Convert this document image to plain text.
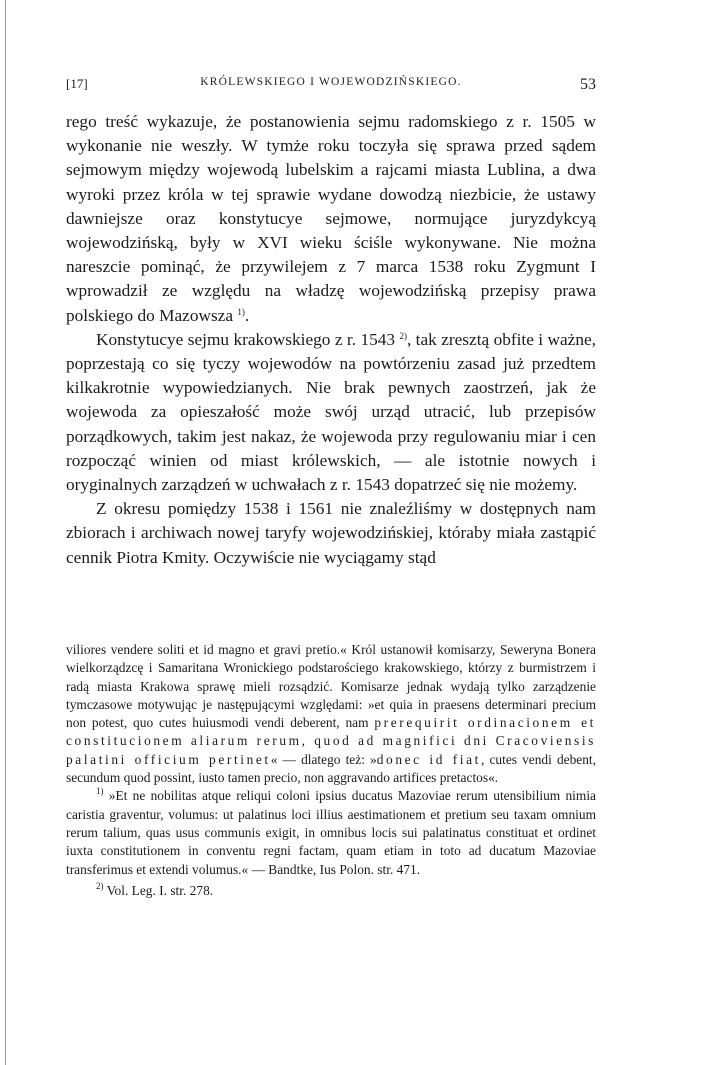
[17]	KRÓLEWSKIEGO I WOJEWODZIŃSKIEGO.	53

rego treść wykazuje, że postanowienia sejmu radomskiego z r. 1505 w wykonanie nie weszły. W tymże roku toczyła się sprawa przed sądem sejmowym między wojewodą lubelskim a rajcami miasta Lublina, a dwa wyroki przez króla w tej sprawie wydane dowodzą niezbicie, że ustawy dawniejsze oraz konstytucye sejmowe, normujące juryzdykcyą wojewodzińską, były w XVI wieku ściśle wykonywane. Nie można nareszcie pominąć, że przywilejem z 7 marca 1538 roku Zygmunt I wprowadził ze względu na władzę wojewodzińską przepisy prawa polskiego do Mazowsza $^{1)}$.

Konstytucye sejmu krakowskiego z r. 1543 $^{2)}$, tak zresztą obfite i ważne, poprzestają co się tyczy wojewodów na powtórzeniu zasad już przedtem kilkakrotnie wypowiedzianych. Nie brak pewnych zaostrzeń, jak że wojewoda za opieszałość może swój urząd utracić, lub przepisów porządkowych, takim jest nakaz, że wojewoda przy regulowaniu miar i cen rozpocząć winien od miast królewskich, — ale istotnie nowych i oryginalnych zarządzeń w uchwałach z r. 1543 dopatrzeć się nie możemy.

Z okresu pomiędzy 1538 i 1561 nie znaleźliśmy w dostępnych nam zbiorach i archiwach nowej taryfy wojewodzińskiej, któraby miała zastąpić cennik Piotra Kmity. Oczywiście nie wyciągamy stąd

viliores vendere soliti et id magno et gravi pretio.« Król ustanowił komisarzy, Seweryna Bonera wielkorządzcę i Samaritana Wronickiego podstarościego krakowskiego, którzy z burmistrzem i radą miasta Krakowa sprawę mieli rozsądzić. Komisarze jednak wydają tylko zarządzenie tymczasowe motywując je następującymi względami: »et quia in praesens determinari precium non potest, quo cutes huiusmodi vendi deberent, nam prerequirit ordinacionem et constitucionem aliarum rerum, quod ad magnifici dni Cracoviensis palatini officium pertinet« — dlatego też: »donec id fiat, cutes vendi debent, secundum quod possint, iusto tamen precio, non aggravando artifices pretactos«.

$^{1)}$ »Et ne nobilitas atque reliqui coloni ipsius ducatus Mazoviae rerum utensibilium nimia caristia graventur, volumus: ut palatinus loci illius aestimationem et pretium seu taxam omnium rerum talium, quas usus communis exigit, in omnibus locis sui palatinatus constituat et ordinet iuxta constitutionem in conventu regni factam, quam etiam in toto ad ducatum Mazoviae transferimus et extendi volumus.« — Bandtke, Ius Polon. str. 471.

$^{2)}$ Vol. Leg. I. str. 278.
